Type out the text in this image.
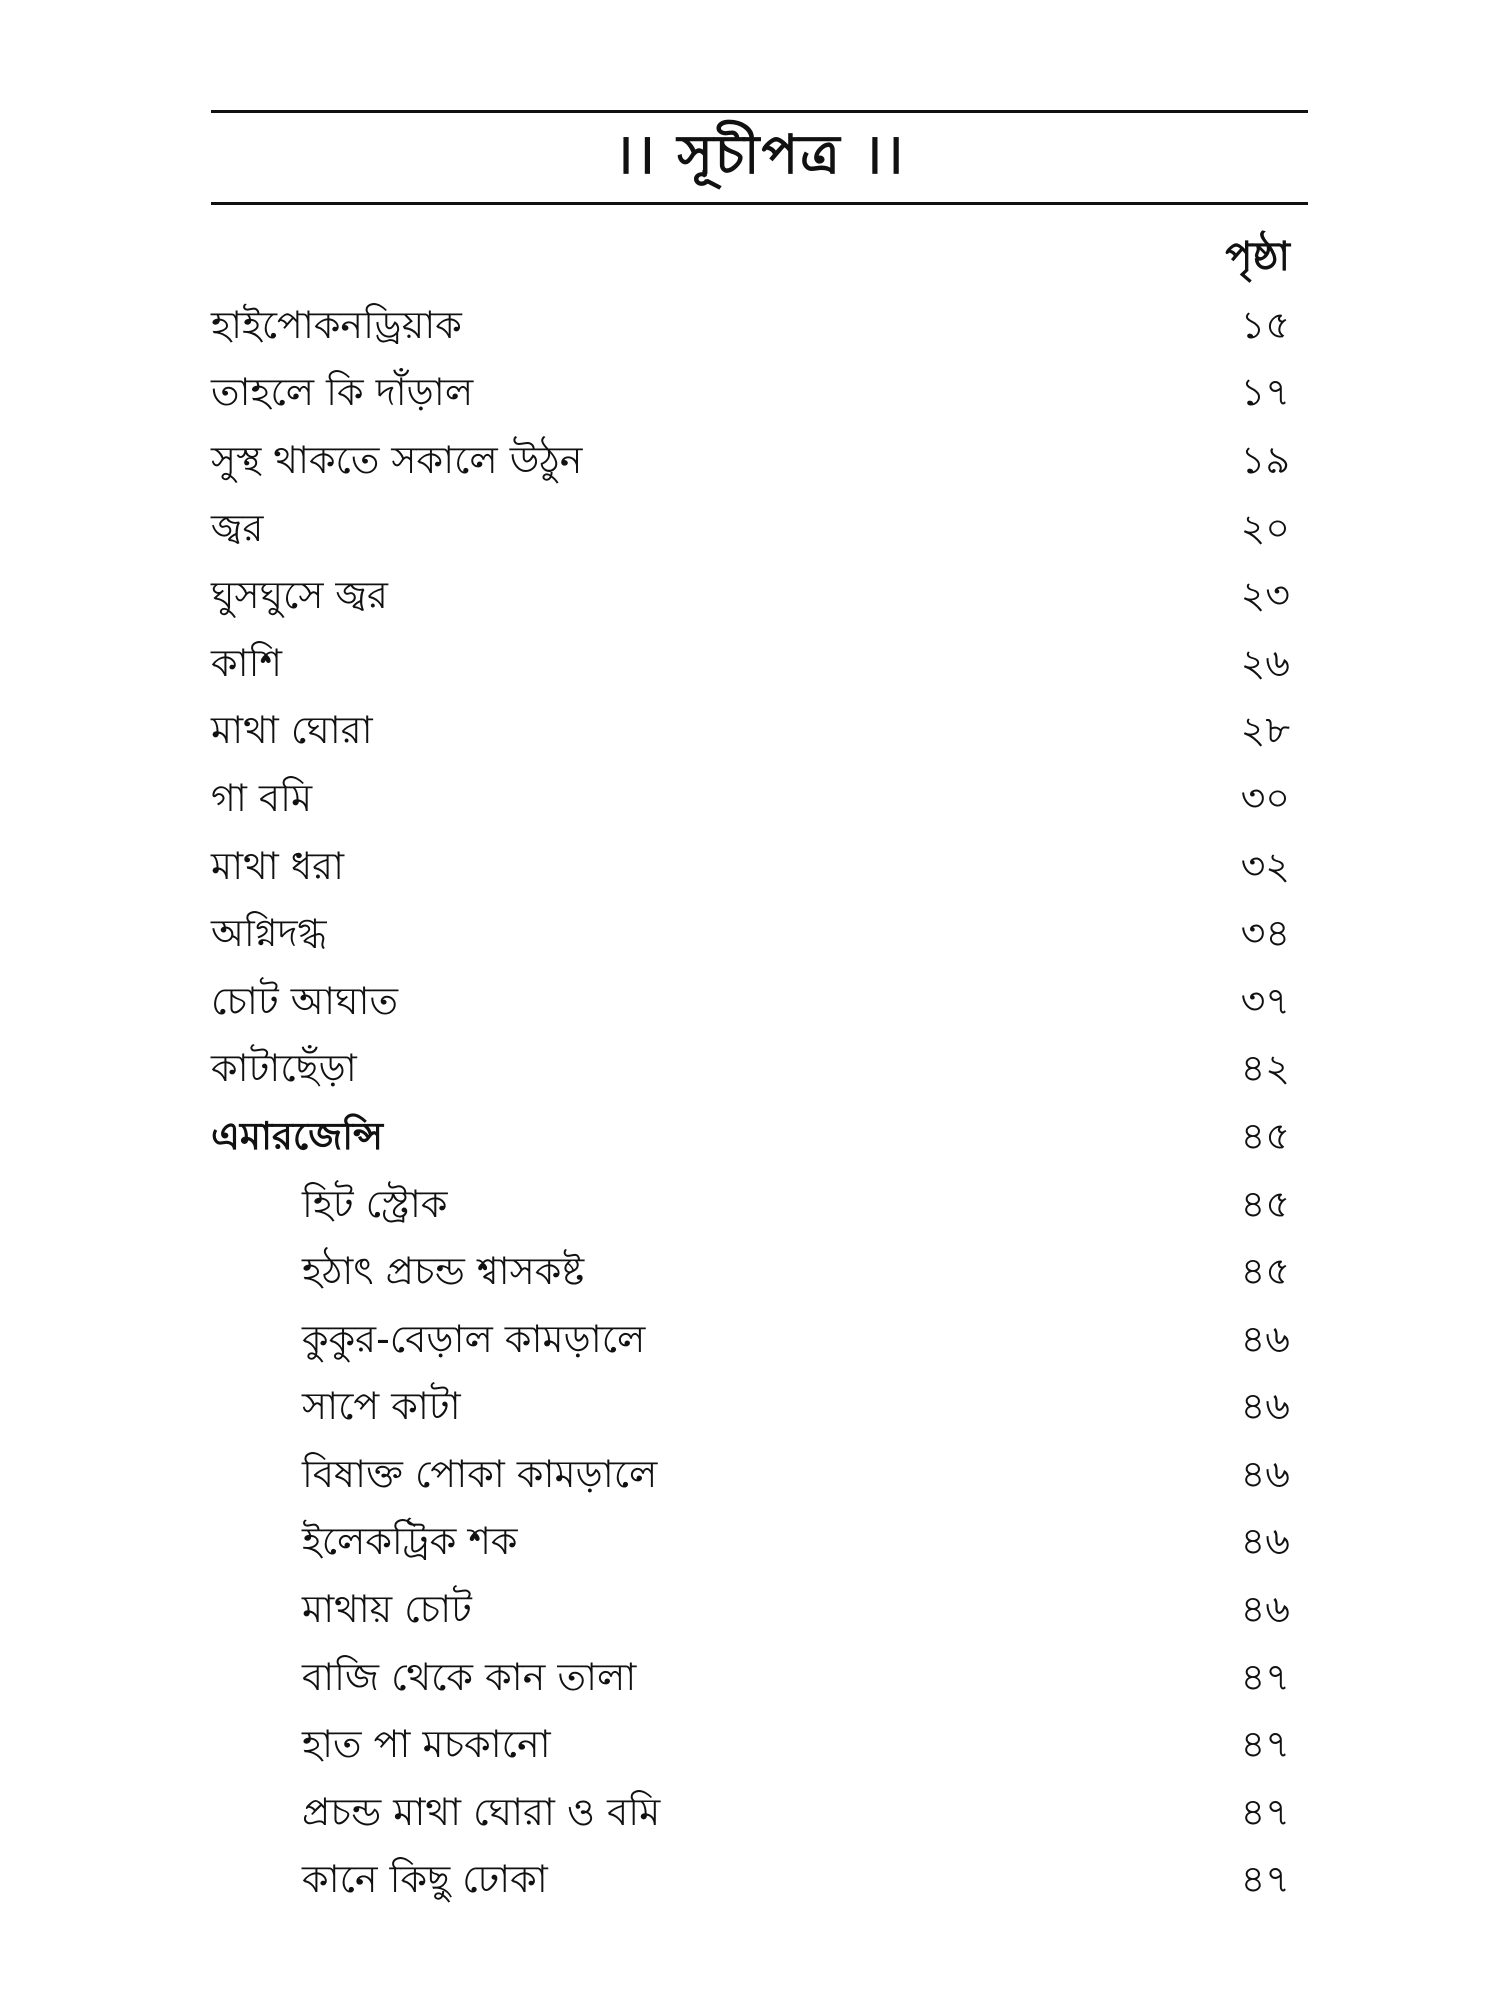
।। সূচীপত্র ।।
পৃষ্ঠা
হাইপোকনড্রিয়াক	১৫
তাহলে কি দাঁড়াল	১৭
সুস্থ থাকতে সকালে উঠুন	১৯
জ্বর	২০
ঘুসঘুসে জ্বর	২৩
কাশি	২৬
মাথা ঘোরা	২৮
গা বমি	৩০
মাথা ধরা	৩২
অগ্নিদগ্ধ	৩৪
চোট আঘাত	৩৭
কাটাছেঁড়া	৪২
এমারজেন্সি	৪৫
হিট স্ট্রোক	৪৫
হঠাৎ প্রচন্ড শ্বাসকষ্ট	৪৫
কুকুর-বেড়াল কামড়ালে	৪৬
সাপে কাটা	৪৬
বিষাক্ত পোকা কামড়ালে	৪৬
ইলেকট্রিক শক	৪৬
মাথায় চোট	৪৬
বাজি থেকে কান তালা	৪৭
হাত পা মচকানো	৪৭
প্রচন্ড মাথা ঘোরা ও বমি	৪৭
কানে কিছু ঢোকা	৪৭
